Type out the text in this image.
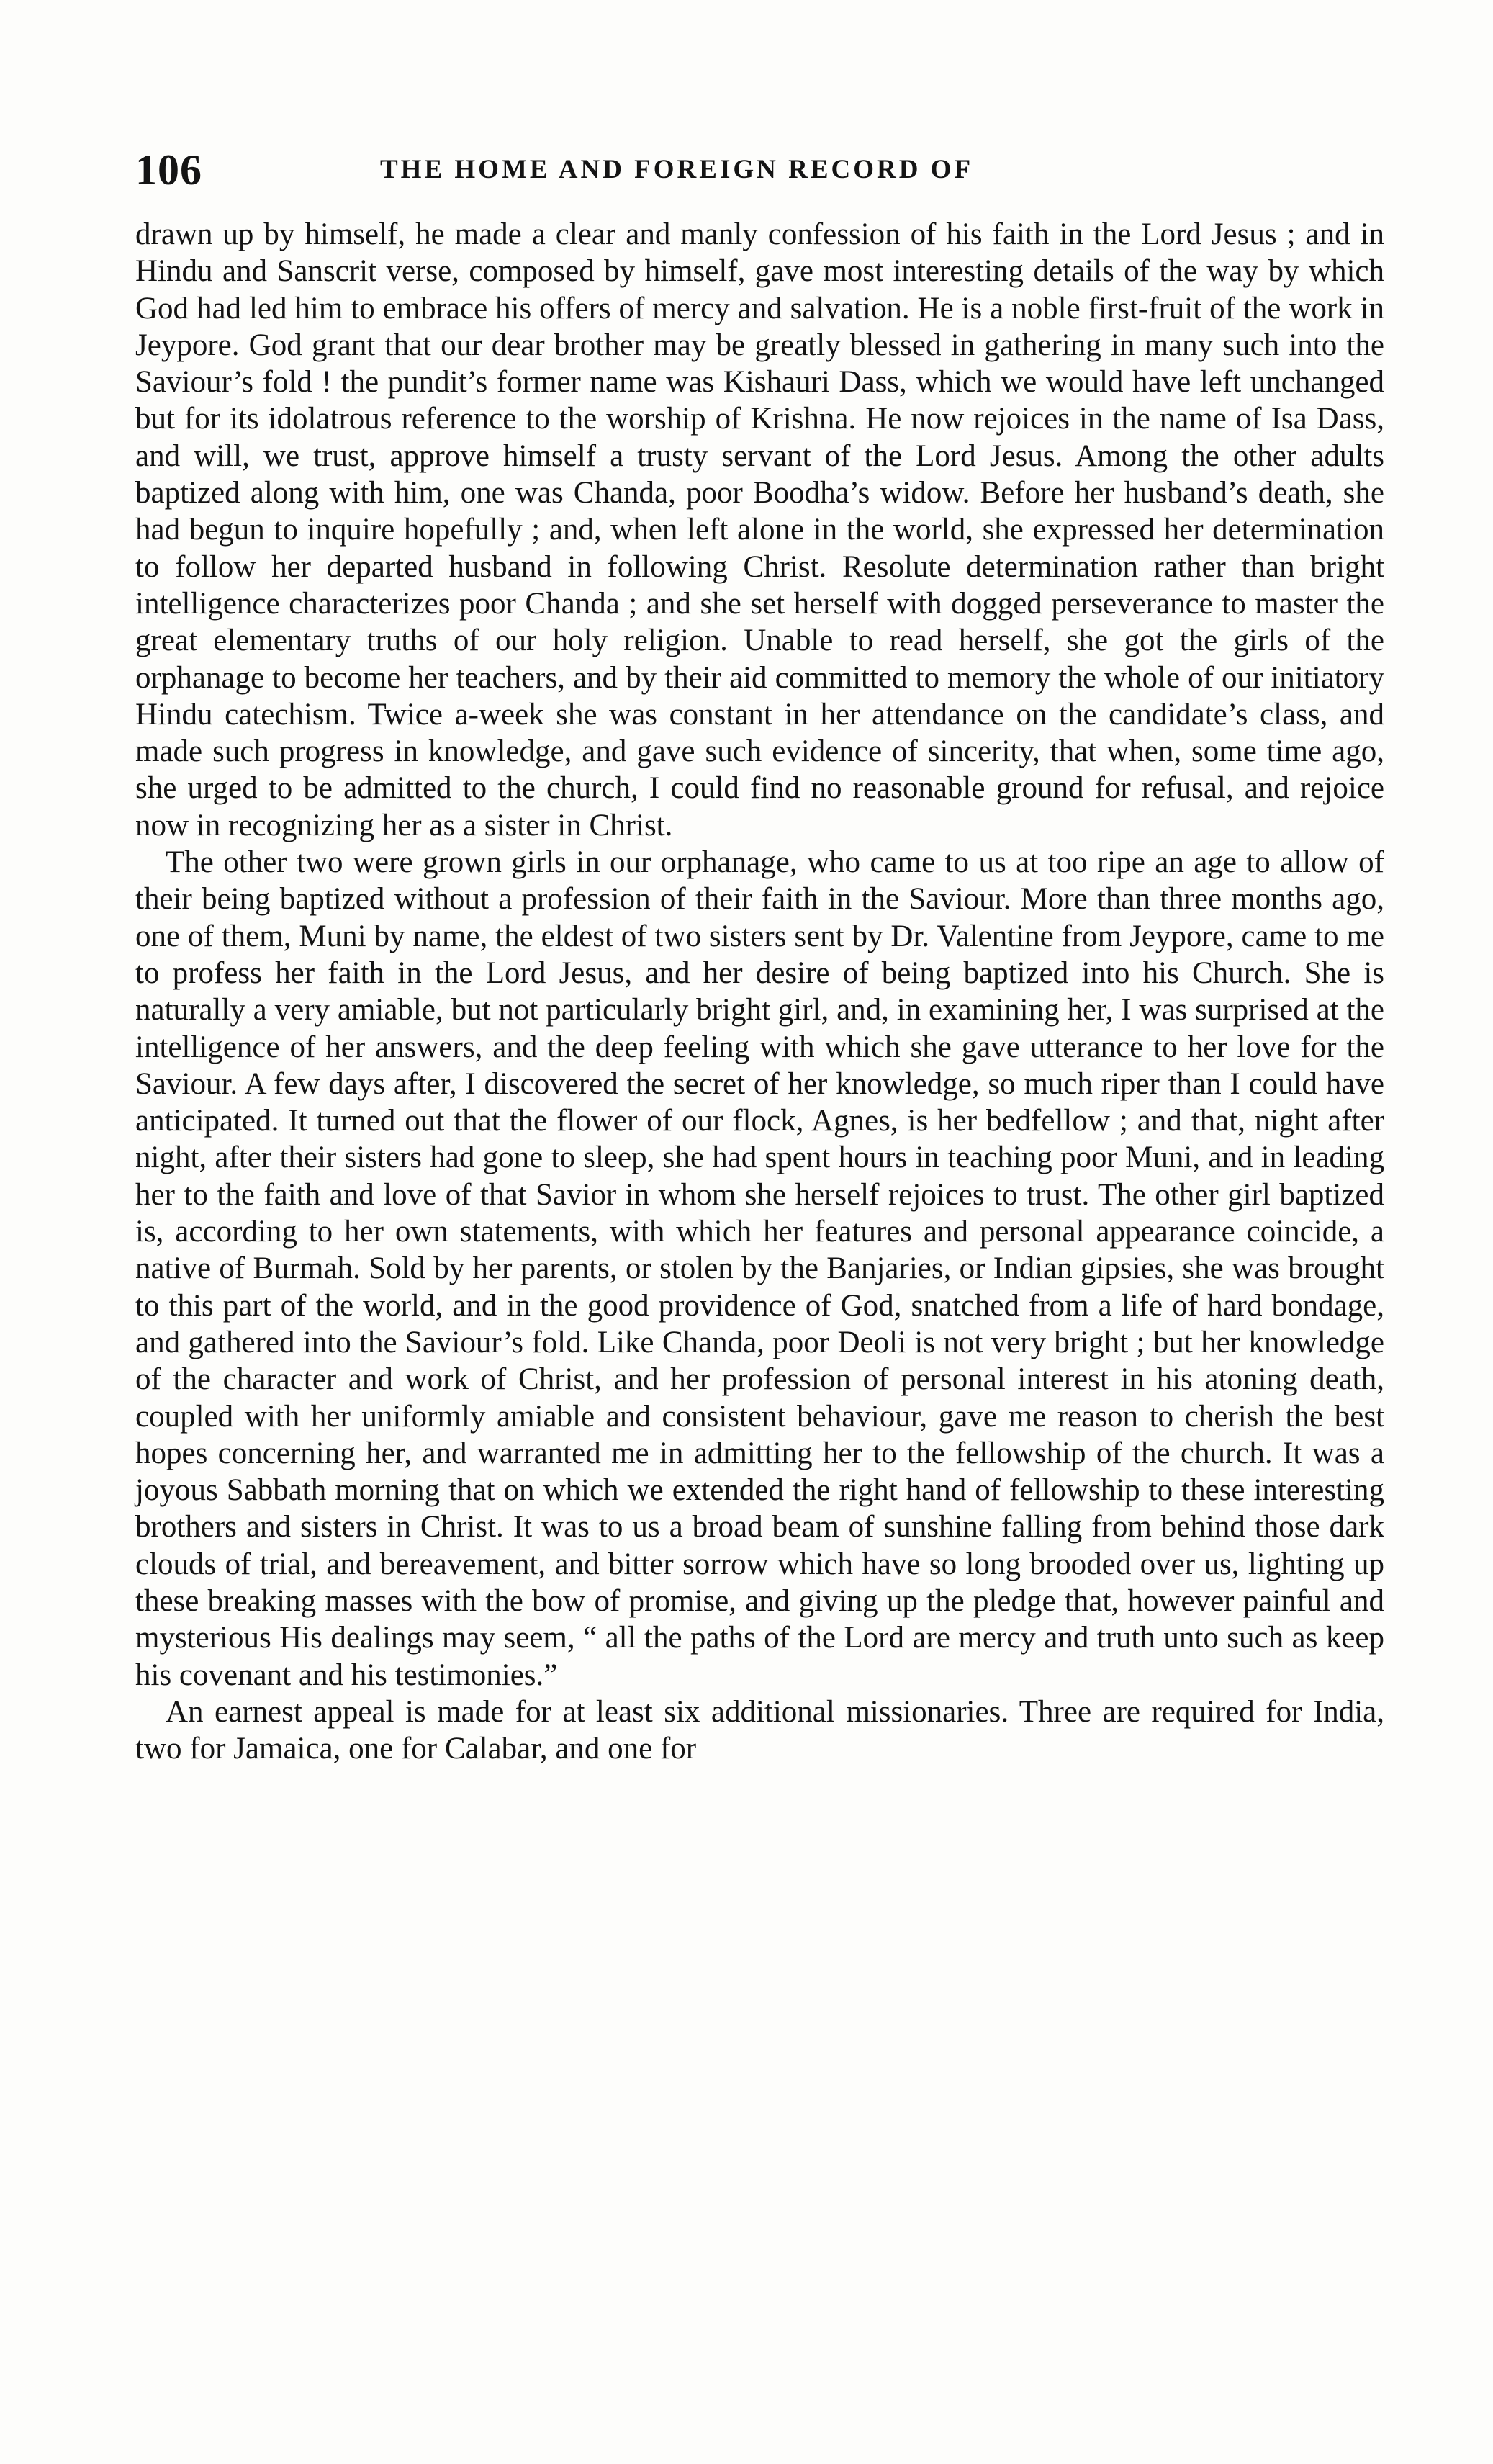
106	THE HOME AND FOREIGN RECORD OF

drawn up by himself, he made a clear and manly confession of his faith in the Lord Jesus ; and in Hindu and Sanscrit verse, composed by himself, gave most interesting details of the way by which God had led him to embrace his offers of mercy and salvation. He is a noble first-fruit of the work in Jeypore. God grant that our dear brother may be greatly blessed in gathering in many such into the Saviour’s fold ! the pundit’s former name was Kishauri Dass, which we would have left unchanged but for its idolatrous reference to the worship of Krishna. He now rejoices in the name of Isa Dass, and will, we trust, approve himself a trusty servant of the Lord Jesus. Among the other adults baptized along with him, one was Chanda, poor Boodha’s widow. Before her husband’s death, she had begun to inquire hopefully ; and, when left alone in the world, she expressed her determination to follow her departed husband in following Christ. Resolute determination rather than bright intelligence characterizes poor Chanda ; and she set herself with dogged perseverance to master the great elementary truths of our holy religion. Unable to read herself, she got the girls of the orphanage to become her teachers, and by their aid committed to memory the whole of our initiatory Hindu catechism. Twice a-week she was constant in her attendance on the candidate’s class, and made such progress in knowledge, and gave such evidence of sincerity, that when, some time ago, she urged to be admitted to the church, I could find no reasonable ground for refusal, and rejoice now in recognizing her as a sister in Christ.

The other two were grown girls in our orphanage, who came to us at too ripe an age to allow of their being baptized without a profession of their faith in the Saviour. More than three months ago, one of them, Muni by name, the eldest of two sisters sent by Dr. Valentine from Jeypore, came to me to profess her faith in the Lord Jesus, and her desire of being baptized into his Church. She is naturally a very amiable, but not particularly bright girl, and, in examining her, I was surprised at the intelligence of her answers, and the deep feeling with which she gave utterance to her love for the Saviour. A few days after, I discovered the secret of her knowledge, so much riper than I could have anticipated. It turned out that the flower of our flock, Agnes, is her bedfellow ; and that, night after night, after their sisters had gone to sleep, she had spent hours in teaching poor Muni, and in leading her to the faith and love of that Savior in whom she herself rejoices to trust. The other girl baptized is, according to her own statements, with which her features and personal appearance coincide, a native of Burmah. Sold by her parents, or stolen by the Banjaries, or Indian gipsies, she was brought to this part of the world, and in the good providence of God, snatched from a life of hard bondage, and gathered into the Saviour’s fold. Like Chanda, poor Deoli is not very bright ; but her knowledge of the character and work of Christ, and her profession of personal interest in his atoning death, coupled with her uniformly amiable and consistent behaviour, gave me reason to cherish the best hopes concerning her, and warranted me in admitting her to the fellowship of the church. It was a joyous Sabbath morning that on which we extended the right hand of fellowship to these interesting brothers and sisters in Christ. It was to us a broad beam of sunshine falling from behind those dark clouds of trial, and bereavement, and bitter sorrow which have so long brooded over us, lighting up these breaking masses with the bow of promise, and giving up the pledge that, however painful and mysterious His dealings may seem, “ all the paths of the Lord are mercy and truth unto such as keep his covenant and his testimonies.”

An earnest appeal is made for at least six additional missionaries. Three are required for India, two for Jamaica, one for Calabar, and one for
